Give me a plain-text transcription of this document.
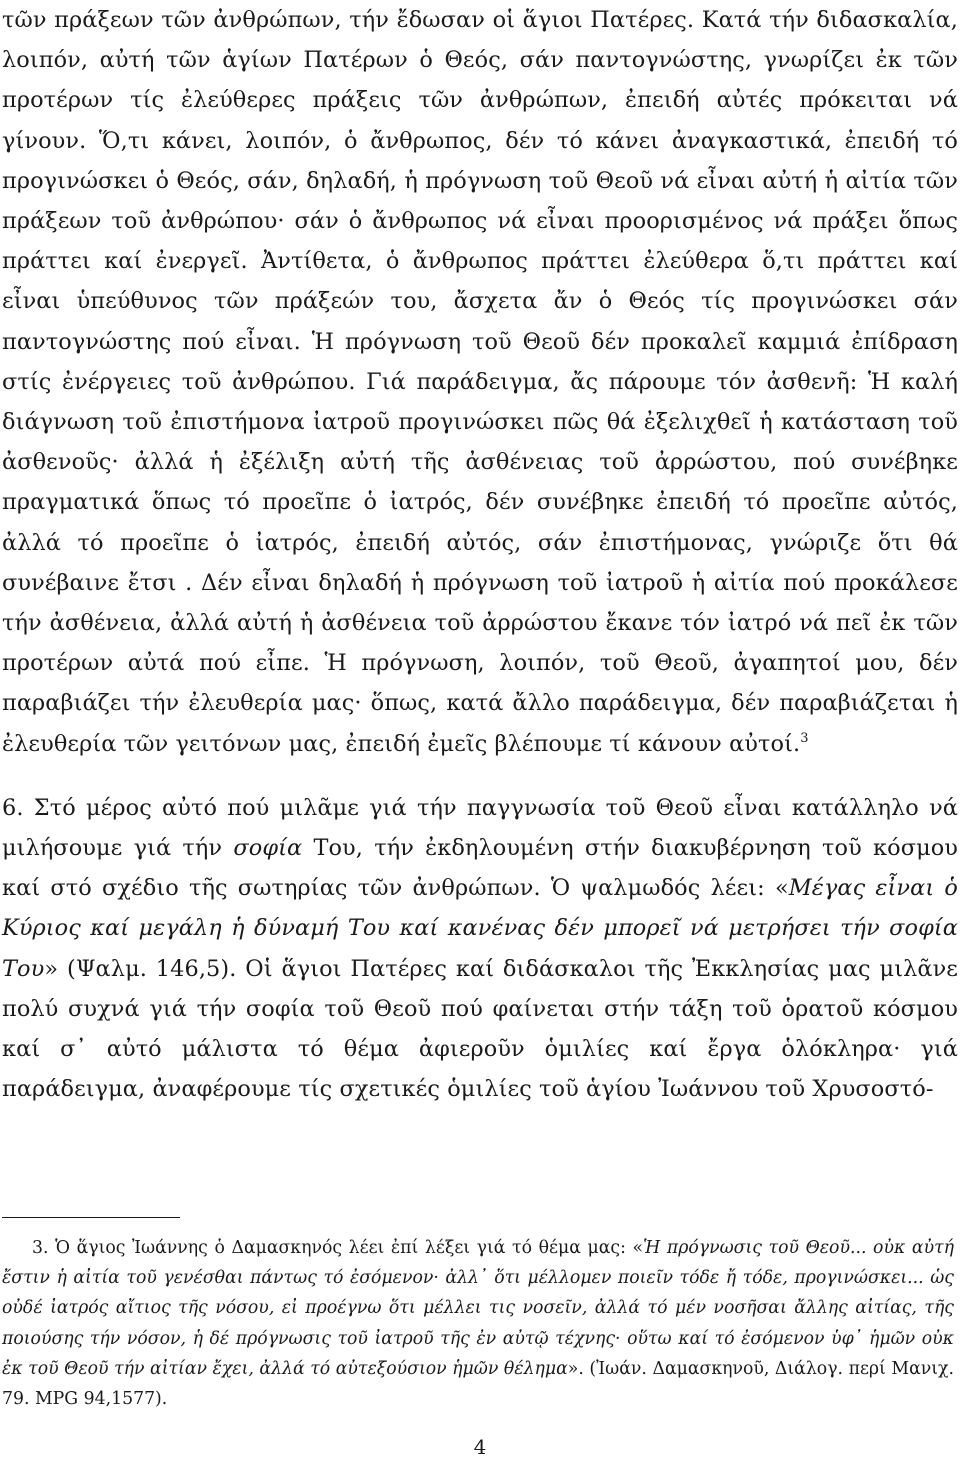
τῶν πράξεων τῶν ἀνθρώπων, τήν ἔδωσαν οἱ ἅγιοι Πατέρες. Κατά τήν διδασκαλία, λοιπόν, αὐτή τῶν ἁγίων Πατέρων ὁ Θεός, σάν παντογνώστης, γνωρίζει ἐκ τῶν προτέρων τίς ἐλεύθερες πράξεις τῶν ἀνθρώπων, ἐπειδή αὐτές πρόκειται νά γίνουν. Ὅ,τι κάνει, λοιπόν, ὁ ἄνθρωπος, δέν τό κάνει ἀναγκαστικά, ἐπειδή τό προγινώσκει ὁ Θεός, σάν, δηλαδή, ἡ πρόγνωση τοῦ Θεοῦ νά εἶναι αὐτή ἡ αἰτία τῶν πράξεων τοῦ ἀνθρώπου· σάν ὁ ἄνθρωπος νά εἶναι προορισμένος νά πράξει ὅπως πράττει καί ἐνεργεῖ. Ἀντίθετα, ὁ ἄνθρωπος πράττει ἐλεύθερα ὅ,τι πράττει καί εἶναι ὑπεύθυνος τῶν πράξεών του, ἄσχετα ἄν ὁ Θεός τίς προγινώσκει σάν παντογνώστης πού εἶναι. Ἡ πρόγνωση τοῦ Θεοῦ δέν προκαλεῖ καμμιά ἐπίδραση στίς ἐνέργειες τοῦ ἀνθρώπου. Γιά παράδειγμα, ἄς πάρουμε τόν ἀσθενῆ: Ἡ καλή διάγνωση τοῦ ἐπιστήμονα ἰατροῦ προγινώσκει πῶς θά ἐξελιχθεῖ ἡ κατάσταση τοῦ ἀσθενοῦς· ἀλλά ἡ ἐξέλιξη αὐτή τῆς ἀσθένειας τοῦ ἀρρώστου, πού συνέβηκε πραγματικά ὅπως τό προεῖπε ὁ ἰατρός, δέν συνέβηκε ἐπειδή τό προεῖπε αὐτός, ἀλλά τό προεῖπε ὁ ἰατρός, ἐπειδή αὐτός, σάν ἐπιστήμονας, γνώριζε ὅτι θά συνέβαινε ἔτσι . Δέν εἶναι δηλαδή ἡ πρόγνωση τοῦ ἰατροῦ ἡ αἰτία πού προκάλεσε τήν ἀσθένεια, ἀλλά αὐτή ἡ ἀσθένεια τοῦ ἀρρώστου ἔκανε τόν ἰατρό νά πεῖ ἐκ τῶν προτέρων αὐτά πού εἶπε. Ἡ πρόγνωση, λοιπόν, τοῦ Θεοῦ, ἀγαπητοί μου, δέν παραβιάζει τήν ἐλευθερία μας· ὅπως, κατά ἄλλο παράδειγμα, δέν παραβιάζεται ἡ ἐλευθερία τῶν γειτόνων μας, ἐπειδή ἐμεῖς βλέπουμε τί κάνουν αὐτοί.$^3$

6. Στό μέρος αὐτό πού μιλᾶμε γιά τήν παγγνωσία τοῦ Θεοῦ εἶναι κατάλληλο νά μιλήσουμε γιά τήν σοφία Του, τήν ἐκδηλουμένη στήν διακυβέρνηση τοῦ κόσμου καί στό σχέδιο τῆς σωτηρίας τῶν ἀνθρώπων. Ὁ ψαλμωδός λέει: «Μέγας εἶναι ὁ Κύριος καί μεγάλη ἡ δύναμή Του καί κανένας δέν μπορεῖ νά μετρήσει τήν σοφία Του» (Ψαλμ. 146,5). Οἱ ἅγιοι Πατέρες καί διδάσκαλοι τῆς Ἐκκλησίας μας μιλᾶνε πολύ συχνά γιά τήν σοφία τοῦ Θεοῦ πού φαίνεται στήν τάξη τοῦ ὁρατοῦ κόσμου καί σ᾽ αὐτό μάλιστα τό θέμα ἀφιεροῦν ὁμιλίες καί ἔργα ὁλόκληρα· γιά παράδειγμα, ἀναφέρουμε τίς σχετικές ὁμιλίες τοῦ ἁγίου Ἰωάννου τοῦ Χρυσοστό-

3. Ὁ ἅγιος Ἰωάννης ὁ Δαμασκηνός λέει ἐπί λέξει γιά τό θέμα μας: «Ἡ πρόγνωσις τοῦ Θεοῦ... οὐκ αὐτή ἔστιν ἡ αἰτία τοῦ γενέσθαι πάντως τό ἐσόμενον· ἀλλ᾽ ὅτι μέλλομεν ποιεῖν τόδε ἤ τόδε, προγινώσκει... ὡς οὐδέ ἰατρός αἴτιος τῆς νόσου, εἰ προέγνω ὅτι μέλλει τις νοσεῖν, ἀλλά τό μέν νοσῆσαι ἄλλης αἰτίας, τῆς ποιούσης τήν νόσον, ἡ δέ πρόγνωσις τοῦ ἰατροῦ τῆς ἐν αὐτῷ τέχνης· οὕτω καί τό ἐσόμενον ὑφ᾽ ἡμῶν οὐκ ἐκ τοῦ Θεοῦ τήν αἰτίαν ἔχει, ἀλλά τό αὐτεξούσιον ἡμῶν θέλημα». (Ἰωάν. Δαμασκηνοῦ, Διάλογ. περί Μανιχ. 79. MPG 94,1577).

4
